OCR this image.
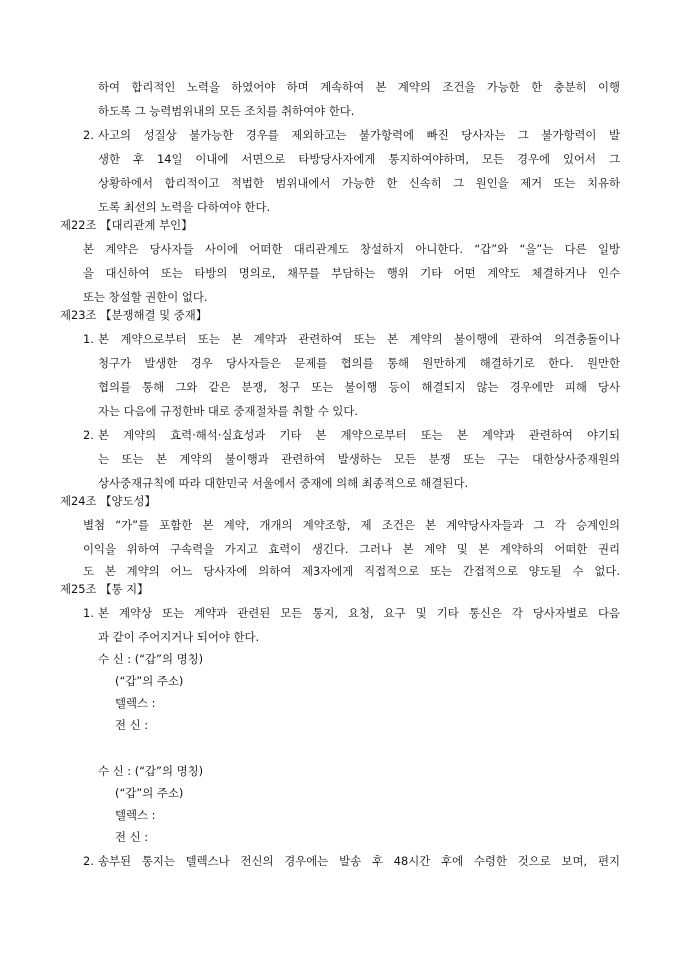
하여 합리적인 노력을 하였어야 하며 계속하여 본 계약의 조건을 가능한 한 충분히 이행
하도록 그 능력범위내의 모든 조치를 취하여야 한다.
2. 사고의 성질상 불가능한 경우를 제외하고는 불가항력에 빠진 당사자는 그 불가항력이 발
생한 후 14일 이내에 서면으로 타방당사자에게 통지하여야하며, 모든 경우에 있어서 그
상황하에서 합리적이고 적법한 범위내에서 가능한 한 신속히 그 원인을 제거 또는 치유하
도록 최선의 노력을 다하여야 한다.
제22조 【대리관계 부인】
본 계약은 당사자들 사이에 어떠한 대리관계도 창설하지 아니한다. “갑”와 “을”는 다른 일방
을 대신하여 또는 타방의 명의로, 채무를 부담하는 행위 기타 어떤 계약도 체결하거나 인수
또는 창설할 권한이 없다.
제23조 【분쟁해결 및 중재】
1. 본 계약으로부터 또는 본 계약과 관련하여 또는 본 계약의 불이행에 관하여 의견충돌이나
청구가 발생한 경우 당사자들은 문제를 협의를 통해 원만하게 해결하기로 한다. 원만한
협의를 통해 그와 같은 분쟁, 청구 또는 불이행 등이 해결되지 않는 경우에만 피해 당사
자는 다음에 규정한바 대로 중재절차를 취할 수 있다.
2. 본 계약의 효력·해석·실효성과 기타 본 계약으로부터 또는 본 계약과 관련하여 야기되
는 또는 본 계약의 불이행과 관련하여 발생하는 모든 분쟁 또는 구는 대한상사중재원의
상사중재규칙에 따라 대한민국 서울에서 중재에 의해 최종적으로 해결된다.
제24조 【양도성】
별첨 “가”를 포함한 본 계약, 개개의 계약조항, 제 조건은 본 계약당사자들과 그 각 승계인의
이익을 위하여 구속력을 가지고 효력이 생긴다. 그러나 본 계약 및 본 계약하의 어떠한 권리
도 본 계약의 어느 당사자에 의하여 제3자에게 직접적으로 또는 간접적으로 양도될 수 없다.
제25조 【통 지】
1. 본 계약상 또는 계약과 관련된 모든 통지, 요청, 요구 및 기타 통신은 각 당사자별로 다음
과 같이 주어지거나 되어야 한다.
수 신 : (“갑”의 명칭)
(“갑”의 주소)
텔렉스 :
전 신 :
수 신 : (“갑”의 명칭)
(“갑”의 주소)
텔렉스 :
전 신 :
2. 송부된 통지는 텔렉스나 전신의 경우에는 발송 후 48시간 후에 수령한 것으로 보며, 편지
